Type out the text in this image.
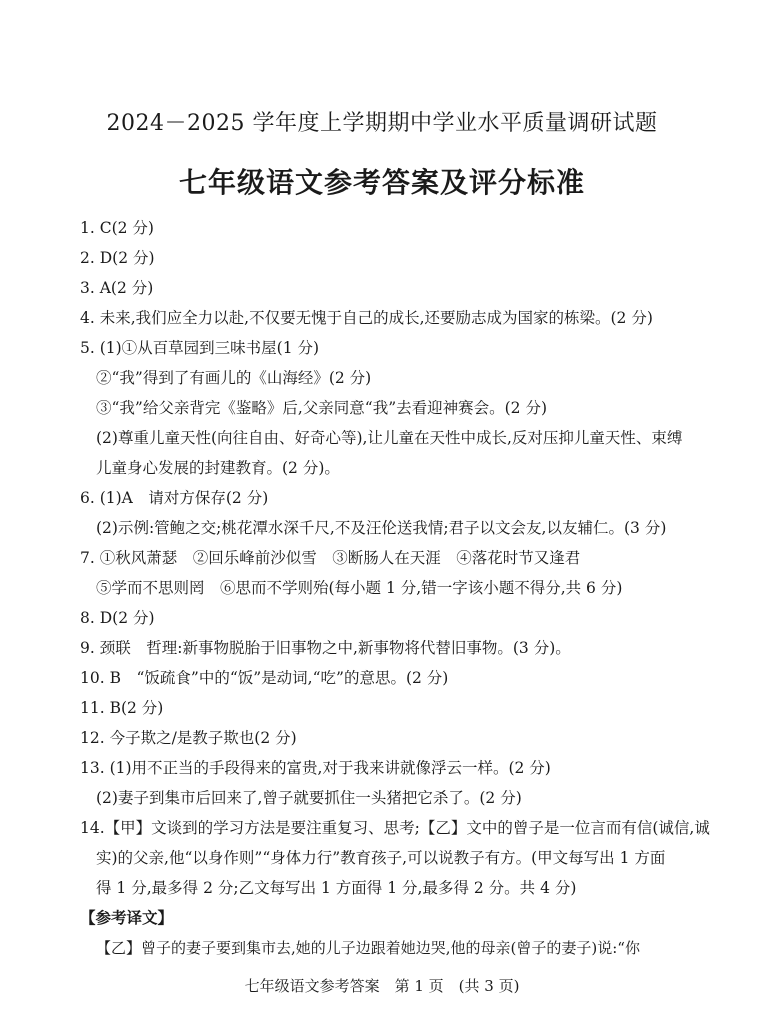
2024－2025 学年度上学期期中学业水平质量调研试题
七年级语文参考答案及评分标准
1. C(2 分)
2. D(2 分)
3. A(2 分)
4. 未来,我们应全力以赴,不仅要无愧于自己的成长,还要励志成为国家的栋梁。(2 分)
5. (1)①从百草园到三味书屋(1 分)
②“我”得到了有画儿的《山海经》(2 分)
③“我”给父亲背完《鉴略》后,父亲同意“我”去看迎神赛会。(2 分)
(2)尊重儿童天性(向往自由、好奇心等),让儿童在天性中成长,反对压抑儿童天性、束缚
儿童身心发展的封建教育。(2 分)。
6. (1)A　请对方保存(2 分)
(2)示例:管鲍之交;桃花潭水深千尺,不及汪伦送我情;君子以文会友,以友辅仁。(3 分)
7. ①秋风萧瑟　②回乐峰前沙似雪　③断肠人在天涯　④落花时节又逢君
⑤学而不思则罔　⑥思而不学则殆(每小题 1 分,错一字该小题不得分,共 6 分)
8. D(2 分)
9. 颈联　哲理:新事物脱胎于旧事物之中,新事物将代替旧事物。(3 分)。
10. B　“饭疏食”中的“饭”是动词,“吃”的意思。(2 分)
11. B(2 分)
12. 今子欺之/是教子欺也(2 分)
13. (1)用不正当的手段得来的富贵,对于我来讲就像浮云一样。(2 分)
(2)妻子到集市后回来了,曾子就要抓住一头猪把它杀了。(2 分)
14.【甲】文谈到的学习方法是要注重复习、思考;【乙】文中的曾子是一位言而有信(诚信,诚
实)的父亲,他“以身作则”“身体力行”教育孩子,可以说教子有方。(甲文每写出 1 方面
得 1 分,最多得 2 分;乙文每写出 1 方面得 1 分,最多得 2 分。共 4 分)
【参考译文】
【乙】曾子的妻子要到集市去,她的儿子边跟着她边哭,他的母亲(曾子的妻子)说:“你
七年级语文参考答案　第 1 页　(共 3 页)
